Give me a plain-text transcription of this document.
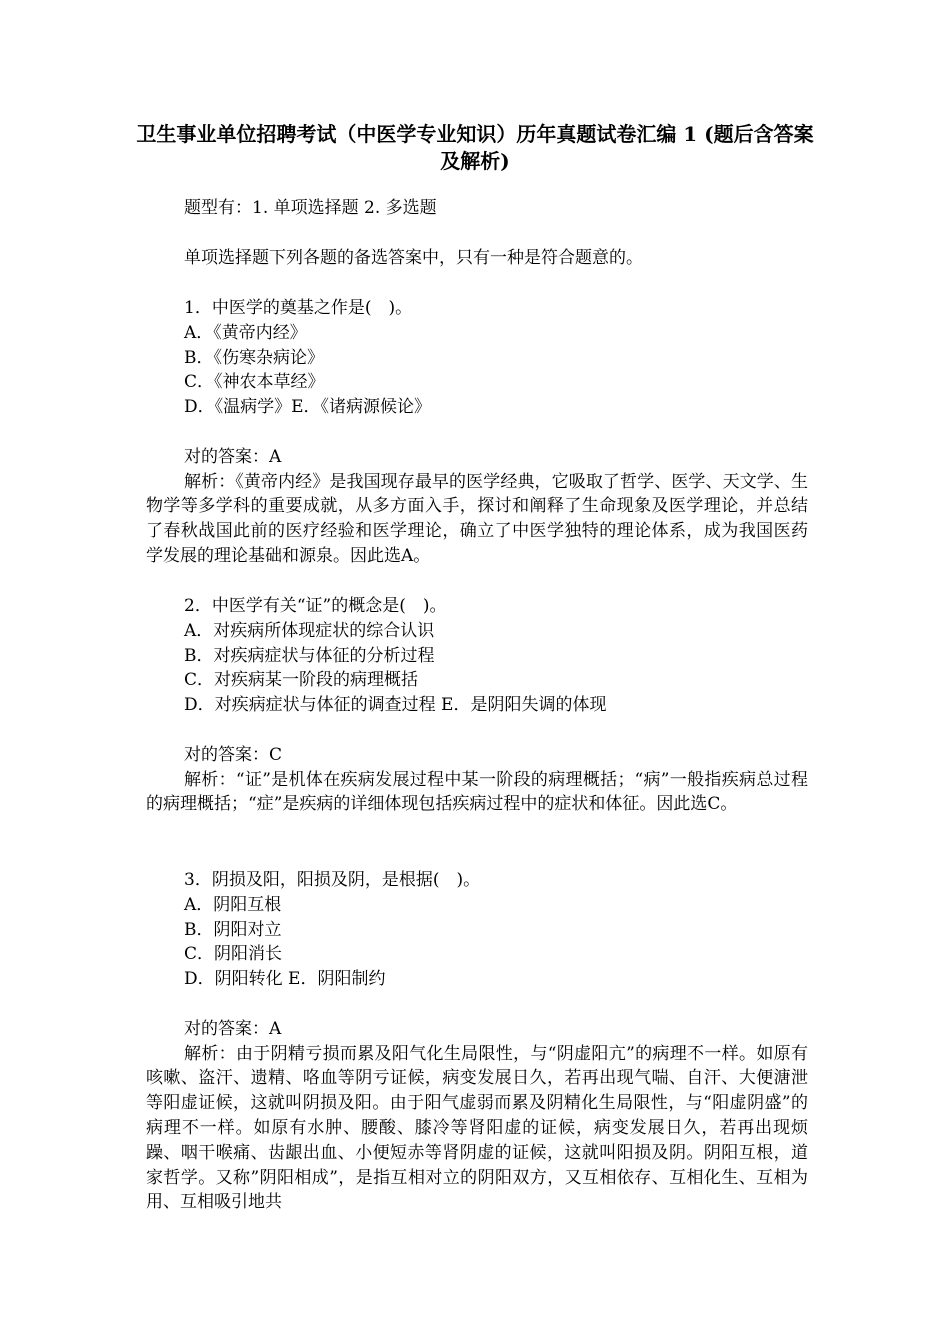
卫生事业单位招聘考试（中医学专业知识）历年真题试卷汇编 1 (题后含答案及解析)

题型有：1. 单项选择题 2. 多选题

单项选择题下列各题的备选答案中，只有一种是符合题意的。

1．中医学的奠基之作是(　)。

A．《黄帝内经》

B．《伤寒杂病论》

C．《神农本草经》

D．《温病学》E．《诸病源候论》

对的答案：A

解析：《黄帝内经》是我国现存最早的医学经典，它吸取了哲学、医学、天文学、生物学等多学科的重要成就，从多方面入手，探讨和阐释了生命现象及医学理论，并总结了春秋战国此前的医疗经验和医学理论，确立了中医学独特的理论体系，成为我国医药学发展的理论基础和源泉。因此选A。

2．中医学有关“证”的概念是(　)。

A．对疾病所体现症状的综合认识

B．对疾病症状与体征的分析过程

C．对疾病某一阶段的病理概括

D．对疾病症状与体征的调查过程 E．是阴阳失调的体现

对的答案：C

解析：“证”是机体在疾病发展过程中某一阶段的病理概括；“病”一般指疾病总过程的病理概括；“症”是疾病的详细体现包括疾病过程中的症状和体征。因此选C。

3．阴损及阳，阳损及阴，是根据(　)。

A．阴阳互根

B．阴阳对立

C．阴阳消长

D．阴阳转化 E．阴阳制约

对的答案：A

解析：由于阴精亏损而累及阳气化生局限性，与“阴虚阳亢”的病理不一样。如原有咳嗽、盗汗、遗精、咯血等阴亏证候，病变发展日久，若再出现气喘、自汗、大便溏泄等阳虚证候，这就叫阴损及阳。由于阳气虚弱而累及阴精化生局限性，与“阳虚阴盛”的病理不一样。如原有水肿、腰酸、膝冷等肾阳虚的证候，病变发展日久，若再出现烦躁、咽干喉痛、齿龈出血、小便短赤等肾阴虚的证候，这就叫阳损及阴。阴阳互根，道家哲学。又称”阴阳相成”，是指互相对立的阴阳双方，又互相依存、互相化生、互相为用、互相吸引地共
